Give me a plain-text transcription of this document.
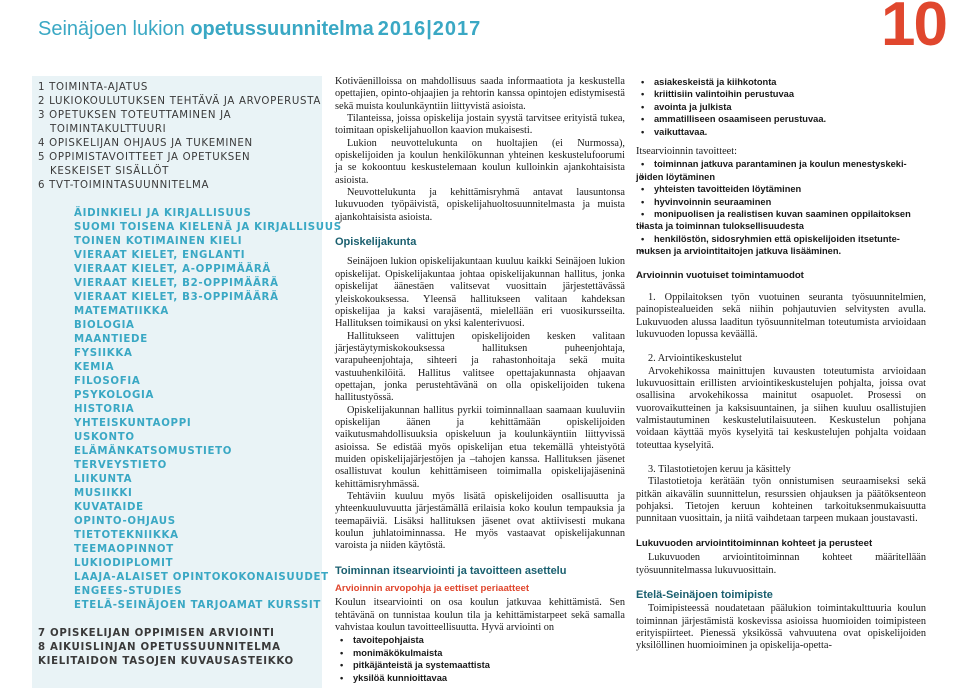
Seinäjoen lukion opetussuunnitelma 2016|2017	10
1 TOIMINTA-AJATUS
2 LUKIOKOULUTUKSEN TEHTÄVÄ JA ARVOPERUSTA
3 OPETUKSEN TOTEUTTAMINEN JA
TOIMINTAKULTTUURI
4 OPISKELIJAN OHJAUS JA TUKEMINEN
5 OPPIMISTAVOITTEET JA OPETUKSEN
KESKEISET SISÄLLÖT
6 TVT-TOIMINTASUUNNITELMA
ÄIDINKIELI JA KIRJALLISUUS
SUOMI TOISENA KIELENÄ JA KIRJALLISUUS
TOINEN KOTIMAINEN KIELI
VIERAAT KIELET, ENGLANTI
VIERAAT KIELET, A-OPPIMÄÄRÄ
VIERAAT KIELET, B2-OPPIMÄÄRÄ
VIERAAT KIELET, B3-OPPIMÄÄRÄ
MATEMATIIKKA
BIOLOGIA
MAANTIEDE
FYSIIKKA
KEMIA
FILOSOFIA
PSYKOLOGIA
HISTORIA
YHTEISKUNTAOPPI
USKONTO
ELÄMÄNKATSOMUSTIETO
TERVEYSTIETO
LIIKUNTA
MUSIIKKI
KUVATAIDE
OPINTO-OHJAUS
TIETOTEKNIIKKA
TEEMAOPINNOT
LUKIODIPLOMIT
LAAJA-ALAISET OPINTOKOKONAISUUDET
ENGEES-STUDIES
ETELÄ-SEINÄJOEN TARJOAMAT KURSSIT
7 OPISKELIJAN OPPIMISEN ARVIOINTI
8 AIKUISLINJAN OPETUSSUUNNITELMA
KIELITAIDON TASOJEN KUVAUSASTEIKKO

Kotiväenilloissa on mahdollisuus saada informaatiota ja keskustella opettajien, opinto-ohjaajien ja rehtorin kanssa opintojen edistymisestä sekä muista koulunkäyntiin liittyvistä asioista.

Tilanteissa, joissa opiskelija jostain syystä tarvitsee erityistä tukea, toimitaan opiskelijahuollon kaavion mukaisesti.

Lukion neuvottelukunta on huoltajien (ei Nurmossa), opiskelijoiden ja koulun henkilökunnan yhteinen keskustelufoorumi ja se kokoontuu keskustelemaan koulun kulloinkin ajankohtaisista asioista.

Neuvottelukunta ja kehittämisryhmä antavat lausuntonsa lukuvuoden työpäivistä, opiskelijahuoltosuunnitelmasta ja muista ajankohtaisista asioista.

Opiskelijakunta

Seinäjoen lukion opiskelijakuntaan kuuluu kaikki Seinäjoen lukion opiskelijat. Opiskelijakuntaa johtaa opiskelijakunnan hallitus, jonka opiskelijat äänestäen valitsevat vuosittain järjestettävässä yleiskokouksessa. Yleensä hallitukseen valitaan kahdeksan opiskelijaa ja kaksi varajäsentä, mielellään eri vuosikursseilta. Hallituksen toimikausi on yksi kalenterivuosi.

Hallitukseen valittujen opiskelijoiden kesken valitaan järjestäytymiskokouksessa hallituksen puheenjohtaja, varapuheenjohtaja, sihteeri ja rahastonhoitaja sekä muita vastuuhenkilöitä. Hallitus valitsee opettajakunnasta ohjaavan opettajan, jonka perustehtävänä on olla opiskelijoiden tukena hallitustyössä.

Opiskelijakunnan hallitus pyrkii toiminnallaan saamaan kuuluviin opiskelijan äänen ja kehittämään opiskelijoiden vaikutusmahdollisuuksia opiskeluun ja koulunkäyntiin liittyvissä asioissa. Se edistää myös opiskelijan etua tekemällä yhteistyötä muiden opiskelijajärjestöjen ja –tahojen kanssa. Hallituksen jäsenet osallistuvat koulun kehittämiseen toimimalla opiskelijajäseninä kehittämisryhmässä.

Tehtäviin kuuluu myös lisätä opiskelijoiden osallisuutta ja yhteenkuuluvuutta järjestämällä erilaisia koko koulun tempauksia ja teemapäiviä. Lisäksi hallituksen jäsenet ovat aktiivisesti mukana koulun juhlatoiminnassa. He myös vastaavat opiskelijakunnan varoista ja niiden käytöstä.

Toiminnan itsearviointi ja tavoitteen asettelu
Arvioinnin arvopohja ja eettiset periaatteet

Koulun itsearviointi on osa koulun jatkuvaa kehittämistä. Sen tehtävänä on tunnistaa koulun tila ja kehittämistarpeet sekä samalla vahvistaa koulun tavoitteellisuutta. Hyvä arviointi on

• tavoitepohjaista
• monimäkökulmaista
• pitkäjänteistä ja systemaattista
• yksilöä kunnioittavaa
• asiakeskeistä ja kiihkotonta
• kriittisiin valintoihin perustuvaa
• avointa ja julkista
• ammatilliseen osaamiseen perustuvaa.
• vaikuttavaa.

Itsearvioinnin tavoitteet:

• toiminnan jatkuva parantaminen ja koulun menestyskeki-
• jöiden löytäminen
• yhteisten tavoitteiden löytäminen
• hyvinvoinnin seuraaminen
• monipuolisen ja realistisen kuvan saaminen oppilaitoksen
• tilasta ja toiminnan tuloksellisuudesta
• henkilöstön, sidosryhmien että opiskelijoiden itsetunte-
• muksen ja arviointitaitojen jatkuva lisääminen.
Arvioinnin vuotuiset toimintamuodot

1. Oppilaitoksen työn vuotuinen seuranta työsuunnitelmien, painopistealueiden sekä niihin pohjautuvien selvitysten avulla. Lukuvuoden alussa laaditun työsuunnitelman toteutumista arvioidaan lukuvuoden lopussa keväällä.

2. Arviointikeskustelut

Arvokehikossa mainittujen kuvausten toteutumista arvioidaan lukuvuosittain erillisten arviointikeskustelujen pohjalta, joissa ovat osallisina arvokehikossa mainitut osapuolet. Prosessi on vuorovaikutteinen ja kaksisuuntainen, ja siihen kuuluu osallistujien valmistautuminen keskustelutilaisuuteen. Keskustelun pohjana voidaan käyttää myös kyselyitä tai keskustelujen pohjalta voidaan toteuttaa kyselyitä.

3. Tilastotietojen keruu ja käsittely

Tilastotietoja kerätään työn onnistumisen seuraamiseksi sekä pitkän aikavälin suunnittelun, resurssien ohjauksen ja päätöksenteon pohjaksi. Tietojen keruun kohteinen tarkoituksenmukaisuutta punnitaan vuosittain, ja niitä vaihdetaan tarpeen mukaan joustavasti.

Lukuvuoden arviointitoiminnan kohteet ja perusteet

Lukuvuoden arviointitoiminnan kohteet määritellään työsuunnitelmassa lukuvuosittain.

Etelä-Seinäjoen toimipiste

Toimipisteessä noudatetaan päälukion toimintakulttuuria koulun toiminnan järjestämistä koskevissa asioissa huomioiden toimipisteen erityispiirteet. Pienessä yksikössä vahvuutena ovat opiskelijoiden yksilöllinen huomioiminen ja opiskelija-opetta-
